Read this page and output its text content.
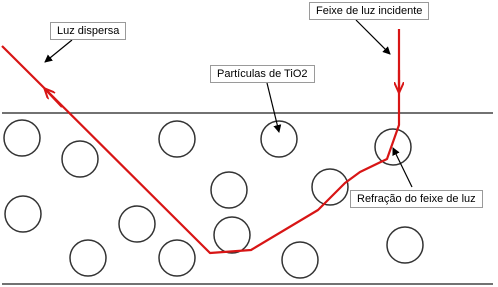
Luz dispersa
Feixe de luz incidente
Partículas de TiO2
Refração do feixe de luz
